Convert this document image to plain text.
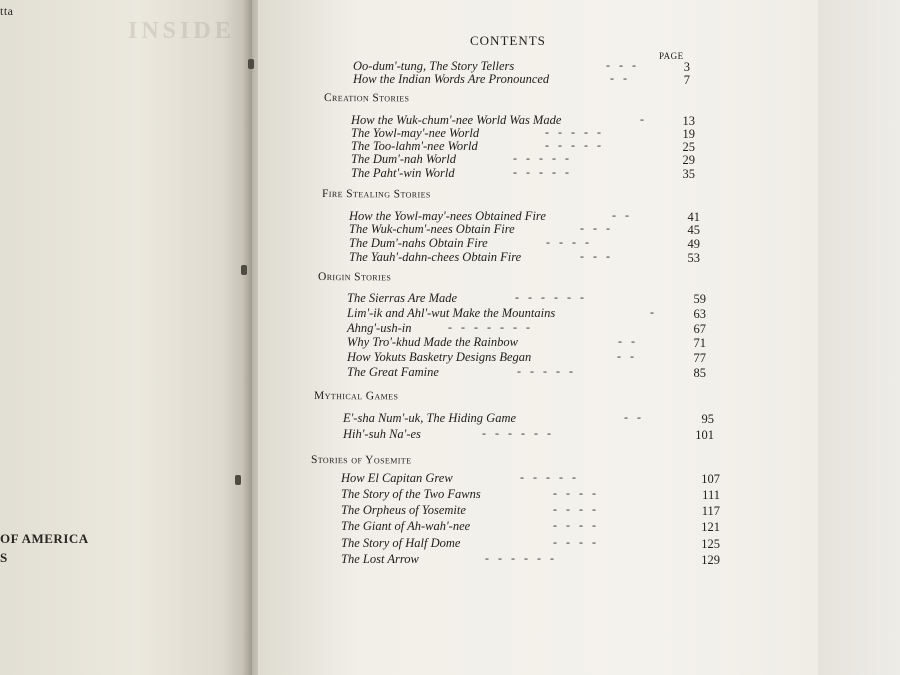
tta
INSIDE
OF AMERICA
S
CONTENTS
PAGE
Oo-dum'-tung, The Story Tellers	-   -   -	3
How the Indian Words Are Pronounced	-   -	7
Creation Stories
How the Wuk-chum'-nee World Was Made	-	13
The Yowl-may'-nee World	-   -   -   -   -	19
The Too-lahm'-nee World	-   -   -   -   -	25
The Dum'-nah World	-   -   -   -   -	29
The Paht'-win World	-   -   -   -   -	35
Fire Stealing Stories
How the Yowl-may'-nees Obtained Fire	-   -	41
The Wuk-chum'-nees Obtain Fire	-   -   -	45
The Dum'-nahs Obtain Fire	-   -   -   -	49
The Yauh'-dahn-chees Obtain Fire	-   -   -	53
Origin Stories
The Sierras Are Made	-   -   -   -   -   -	59
Lim'-ik and Ahl'-wut Make the Mountains	-	63
Ahng'-ush-in	-   -   -   -   -   -   -	67
Why Tro'-khud Made the Rainbow	-   -	71
How Yokuts Basketry Designs Began	-   -	77
The Great Famine	-   -   -   -   -	85
Mythical Games
E'-sha Num'-uk, The Hiding Game	-   -	95
Hih'-suh Na'-es	-   -   -   -   -   -	101
Stories of Yosemite
How El Capitan Grew	-   -   -   -   -	107
The Story of the Two Fawns	-   -   -   -	111
The Orpheus of Yosemite	-   -   -   -	117
The Giant of Ah-wah'-nee	-   -   -   -	121
The Story of Half Dome	-   -   -   -	125
The Lost Arrow	-   -   -   -   -   -	129
